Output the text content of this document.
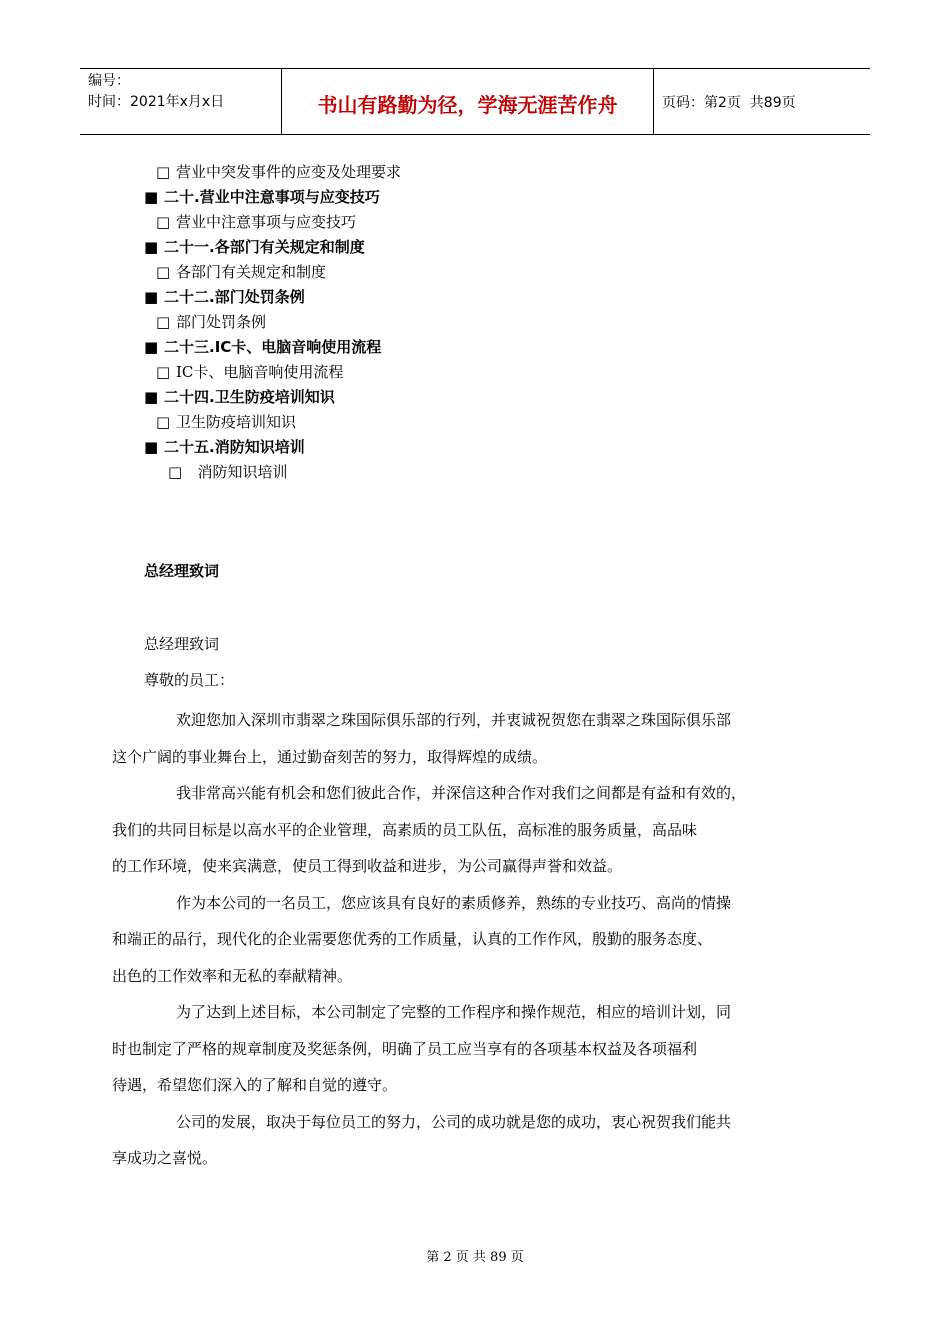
编号：
时间：2021年x月x日	书山有路勤为径，学海无涯苦作舟	页码：第2页  共89页
□ 营业中突发事件的应变及处理要求
■ 二十.营业中注意事项与应变技巧
□ 营业中注意事项与应变技巧
■ 二十一.各部门有关规定和制度
□ 各部门有关规定和制度
■ 二十二.部门处罚条例
□ 部门处罚条例
■ 二十三.IC卡、电脑音响使用流程
□ IC卡、电脑音响使用流程
■ 二十四.卫生防疫培训知识
□ 卫生防疫培训知识
■ 二十五.消防知识培训
□  消防知识培训
总经理致词
总经理致词
尊敬的员工：

欢迎您加入深圳市翡翠之珠国际俱乐部的行列，并衷诚祝贺您在翡翠之珠国际俱乐部
这个广阔的事业舞台上，通过勤奋刻苦的努力，取得辉煌的成绩。

我非常高兴能有机会和您们彼此合作，并深信这种合作对我们之间都是有益和有效的，
我们的共同目标是以高水平的企业管理，高素质的员工队伍，高标准的服务质量，高品味
的工作环境，使来宾满意，使员工得到收益和进步，为公司赢得声誉和效益。

作为本公司的一名员工，您应该具有良好的素质修养，熟练的专业技巧、高尚的情操
和端正的品行，现代化的企业需要您优秀的工作质量，认真的工作作风，殷勤的服务态度、
出色的工作效率和无私的奉献精神。

为了达到上述目标，本公司制定了完整的工作程序和操作规范，相应的培训计划，同
时也制定了严格的规章制度及奖惩条例，明确了员工应当享有的各项基本权益及各项福利
待遇，希望您们深入的了解和自觉的遵守。

公司的发展，取决于每位员工的努力，公司的成功就是您的成功，衷心祝贺我们能共
享成功之喜悦。

第 2 页 共 89 页
